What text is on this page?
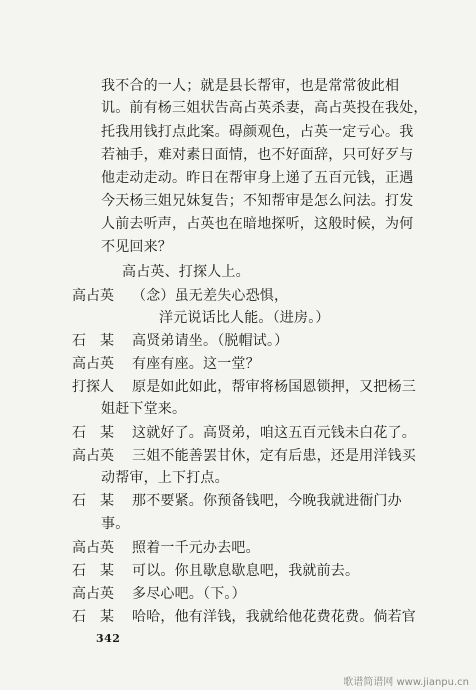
我不合的一人；就是县长帮审，也是常常彼此相
讥。前有杨三姐状告高占英杀妻，高占英投在我处，
托我用钱打点此案。碍颜观色，占英一定亏心。我
若袖手，难对素日面情，也不好面辞，只可好歹与
他走动走动。昨日在帮审身上递了五百元钱，正遇
今天杨三姐兄妹复告；不知帮审是怎么问法。打发
人前去听声，占英也在暗地探听，这般时候，为何
不见回来？
高占英、打探人上。
高占英	（念）虽无差失心恐惧，
洋元说话比人能。（进房。）
石　某	高贤弟请坐。（脱帽试。）
高占英	有座有座。这一堂？
打探人	原是如此如此，帮审将杨国恩锁押，又把杨三
姐赶下堂来。
石　某	这就好了。高贤弟，咱这五百元钱未白花了。
高占英	三姐不能善罢甘休，定有后患，还是用洋钱买
动帮审，上下打点。
石　某	那不要紧。你预备钱吧，今晚我就进衙门办
事。
高占英	照着一千元办去吧。
石　某	可以。你且歇息歇息吧，我就前去。
高占英	多尽心吧。（下。）
石　某	哈哈，他有洋钱，我就给他花费花费。倘若官
342
歌谱简谱网 www.jianpu.cn
